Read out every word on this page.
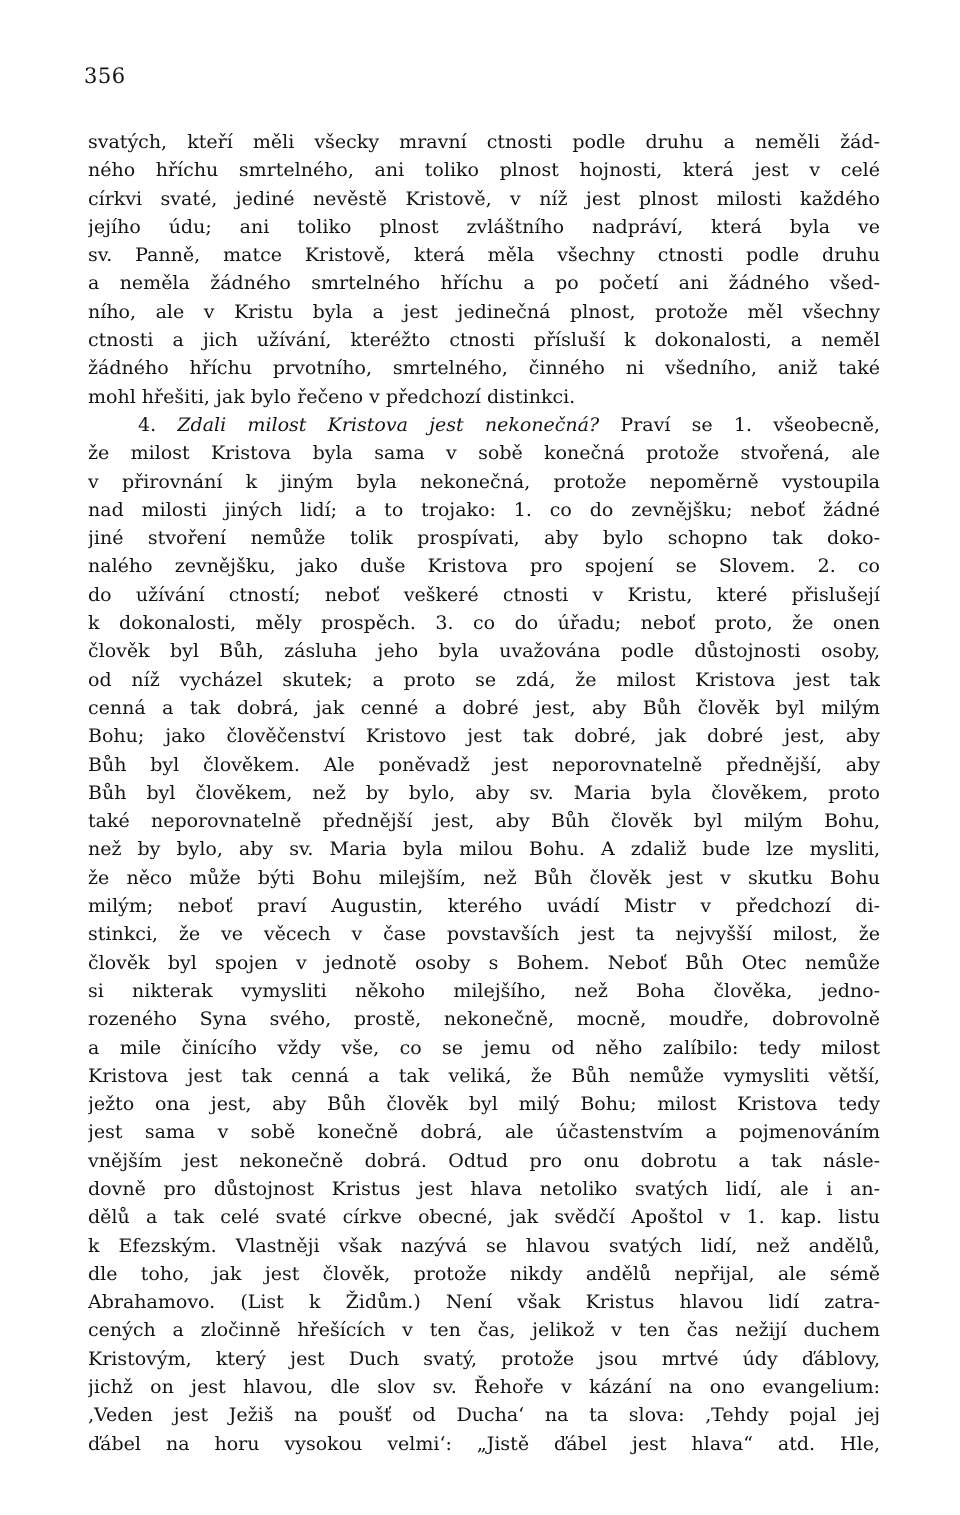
356
svatých, kteří měli všecky mravní ctnosti podle druhu a neměli žád-
ného hříchu smrtelného, ani toliko plnost hojnosti, která jest v celé
církvi svaté, jediné nevěstě Kristově, v níž jest plnost milosti každého
jejího údu; ani toliko plnost zvláštního nadpráví, která byla ve
sv. Panně, matce Kristově, která měla všechny ctnosti podle druhu
a neměla žádného smrtelného hříchu a po početí ani žádného všed-
ního, ale v Kristu byla a jest jedinečná plnost, protože měl všechny
ctnosti a jich užívání, kteréžto ctnosti přísluší k dokonalosti, a neměl
žádného hříchu prvotního, smrtelného, činného ni všedního, aniž také
mohl hřešiti, jak bylo řečeno v předchozí distinkci.
4. Zdali milost Kristova jest nekonečná? Praví se 1. všeobecně,
že milost Kristova byla sama v sobě konečná protože stvořená, ale
v přirovnání k jiným byla nekonečná, protože nepoměrně vystoupila
nad milosti jiných lidí; a to trojako: 1. co do zevnějšku; neboť žádné
jiné stvoření nemůže tolik prospívati, aby bylo schopno tak doko-
nalého zevnějšku, jako duše Kristova pro spojení se Slovem. 2. co
do užívání ctností; neboť veškeré ctnosti v Kristu, které přislušejí
k dokonalosti, měly prospěch. 3. co do úřadu; neboť proto, že onen
člověk byl Bůh, zásluha jeho byla uvažována podle důstojnosti osoby,
od níž vycházel skutek; a proto se zdá, že milost Kristova jest tak
cenná a tak dobrá, jak cenné a dobré jest, aby Bůh člověk byl milým
Bohu; jako člověčenství Kristovo jest tak dobré, jak dobré jest, aby
Bůh byl člověkem. Ale poněvadž jest neporovnatelně přednější, aby
Bůh byl člověkem, než by bylo, aby sv. Maria byla člověkem, proto
také neporovnatelně přednější jest, aby Bůh člověk byl milým Bohu,
než by bylo, aby sv. Maria byla milou Bohu. A zdaliž bude lze mysliti,
že něco může býti Bohu milejším, než Bůh člověk jest v skutku Bohu
milým; neboť praví Augustin, kterého uvádí Mistr v předchozí di-
stinkci, že ve věcech v čase povstavších jest ta nejvyšší milost, že
člověk byl spojen v jednotě osoby s Bohem. Neboť Bůh Otec nemůže
si nikterak vymysliti někoho milejšího, než Boha člověka, jedno-
rozeného Syna svého, prostě, nekonečně, mocně, moudře, dobrovolně
a mile činícího vždy vše, co se jemu od něho zalíbilo: tedy milost
Kristova jest tak cenná a tak veliká, že Bůh nemůže vymysliti větší,
ježto ona jest, aby Bůh člověk byl milý Bohu; milost Kristova tedy
jest sama v sobě konečně dobrá, ale účastenstvím a pojmenováním
vnějším jest nekonečně dobrá. Odtud pro onu dobrotu a tak násle-
dovně pro důstojnost Kristus jest hlava netoliko svatých lidí, ale i an-
dělů a tak celé svaté církve obecné, jak svědčí Apoštol v 1. kap. listu
k Efezským. Vlastněji však nazývá se hlavou svatých lidí, než andělů,
dle toho, jak jest člověk, protože nikdy andělů nepřijal, ale sémě
Abrahamovo. (List k Židům.) Není však Kristus hlavou lidí zatra-
cených a zločinně hřešících v ten čas, jelikož v ten čas nežijí duchem
Kristovým, který jest Duch svatý, protože jsou mrtvé údy ďáblovy,
jichž on jest hlavou, dle slov sv. Řehoře v kázání na ono evangelium:
‚Veden jest Ježiš na poušť od Ducha‘ na ta slova: ‚Tehdy pojal jej
ďábel na horu vysokou velmi‘: „Jistě ďábel jest hlava“ atd. Hle,
